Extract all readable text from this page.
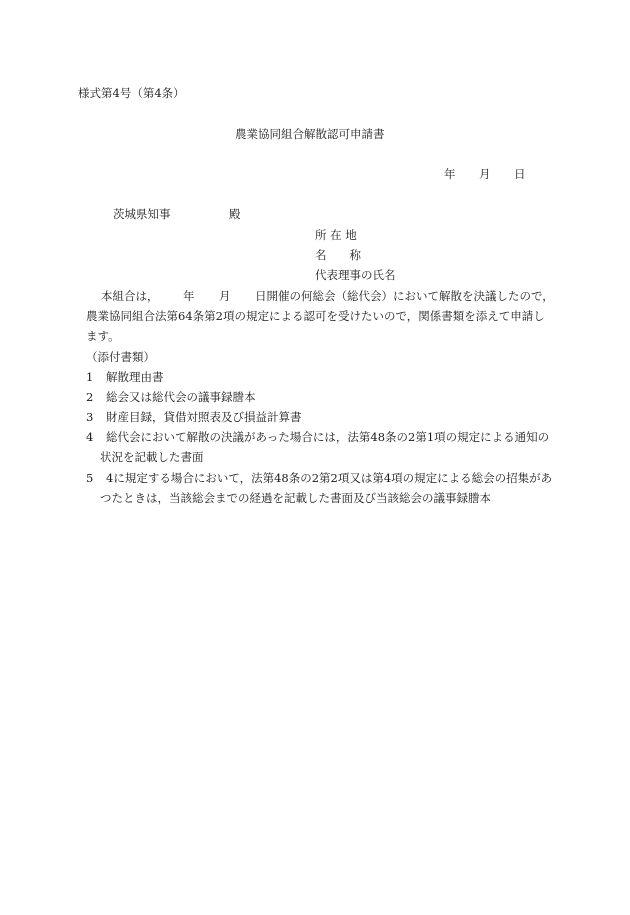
様式第4号（第4条）
農業協同組合解散認可申請書
年 月 日
茨城県知事	殿
所 在 地
名　　称
代表理事の氏名
本組合は， 年 月 日開催の何総会（総代会）において解散を決議したので，
農業協同組合法第64条第2項の規定による認可を受けたいので，関係書類を添えて申請し
ます。
（添付書類）
1 解散理由書
2 総会又は総代会の議事録謄本
3 財産目録，貸借対照表及び損益計算書
4 総代会において解散の決議があった場合には，法第48条の2第1項の規定による通知の
状況を記載した書面
5 4に規定する場合において，法第48条の2第2項又は第4項の規定による総会の招集があ
つたときは，当該総会までの経過を記載した書面及び当該総会の議事録謄本
